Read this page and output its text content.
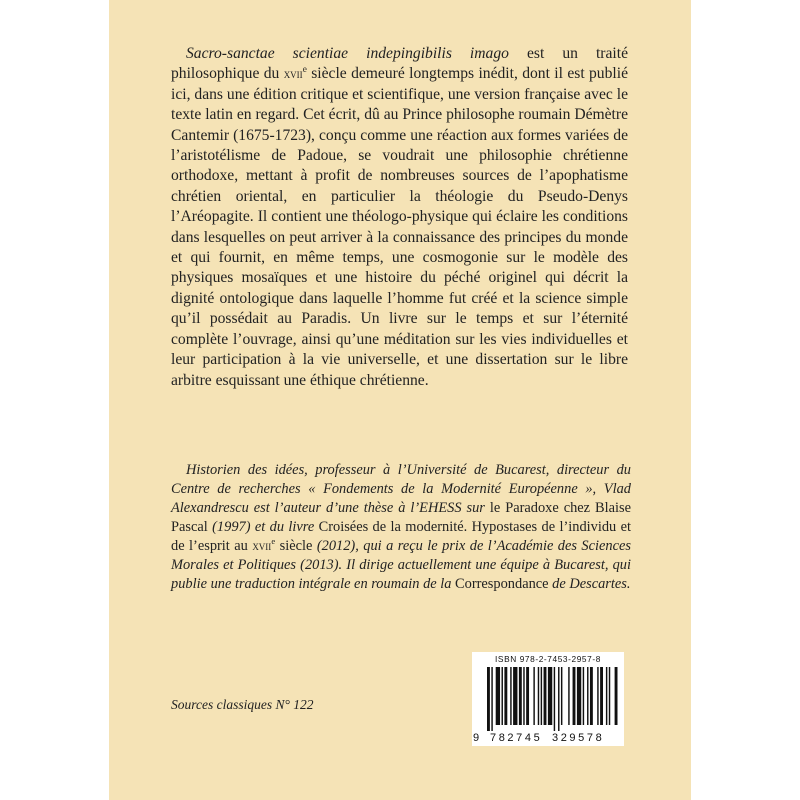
Sacro-sanctae scientiae indepingibilis imago est un traité philosophique du xvii$^e$ siècle demeuré longtemps inédit, dont il est publié ici, dans une édition critique et scientifique, une version française avec le texte latin en regard. Cet écrit, dû au Prince philosophe roumain Démètre Cantemir (1675-1723), conçu comme une réaction aux formes variées de l’aristotélisme de Padoue, se voudrait une philosophie chrétienne orthodoxe, mettant à profit de nombreuses sources de l’apophatisme chrétien oriental, en particulier la théologie du Pseudo-Denys l’Aréopagite. Il contient une théologo-physique qui éclaire les conditions dans lesquelles on peut arriver à la connaissance des principes du monde et qui fournit, en même temps, une cosmogonie sur le modèle des physiques mosaïques et une histoire du péché originel qui décrit la dignité ontologique dans laquelle l’homme fut créé et la science simple qu’il possédait au Paradis. Un livre sur le temps et sur l’éternité complète l’ouvrage, ainsi qu’une méditation sur les vies individuelles et leur participation à la vie universelle, et une dissertation sur le libre arbitre esquissant une éthique chrétienne.

Historien des idées, professeur à l’Université de Bucarest, directeur du Centre de recherches « Fondements de la Modernité Européenne », Vlad Alexandrescu est l’auteur d’une thèse à l’EHESS sur le Paradoxe chez Blaise Pascal (1997) et du livre Croisées de la modernité. Hypostases de l’individu et de l’esprit au xvii$^e$ siècle (2012), qui a reçu le prix de l’Académie des Sciences Morales et Politiques (2013). Il dirige actuellement une équipe à Bucarest, qui publie une traduction intégrale en roumain de la Correspondance de Descartes.

Sources classiques N° 122
ISBN 978-2-7453-2957-8
9 782745 329578
